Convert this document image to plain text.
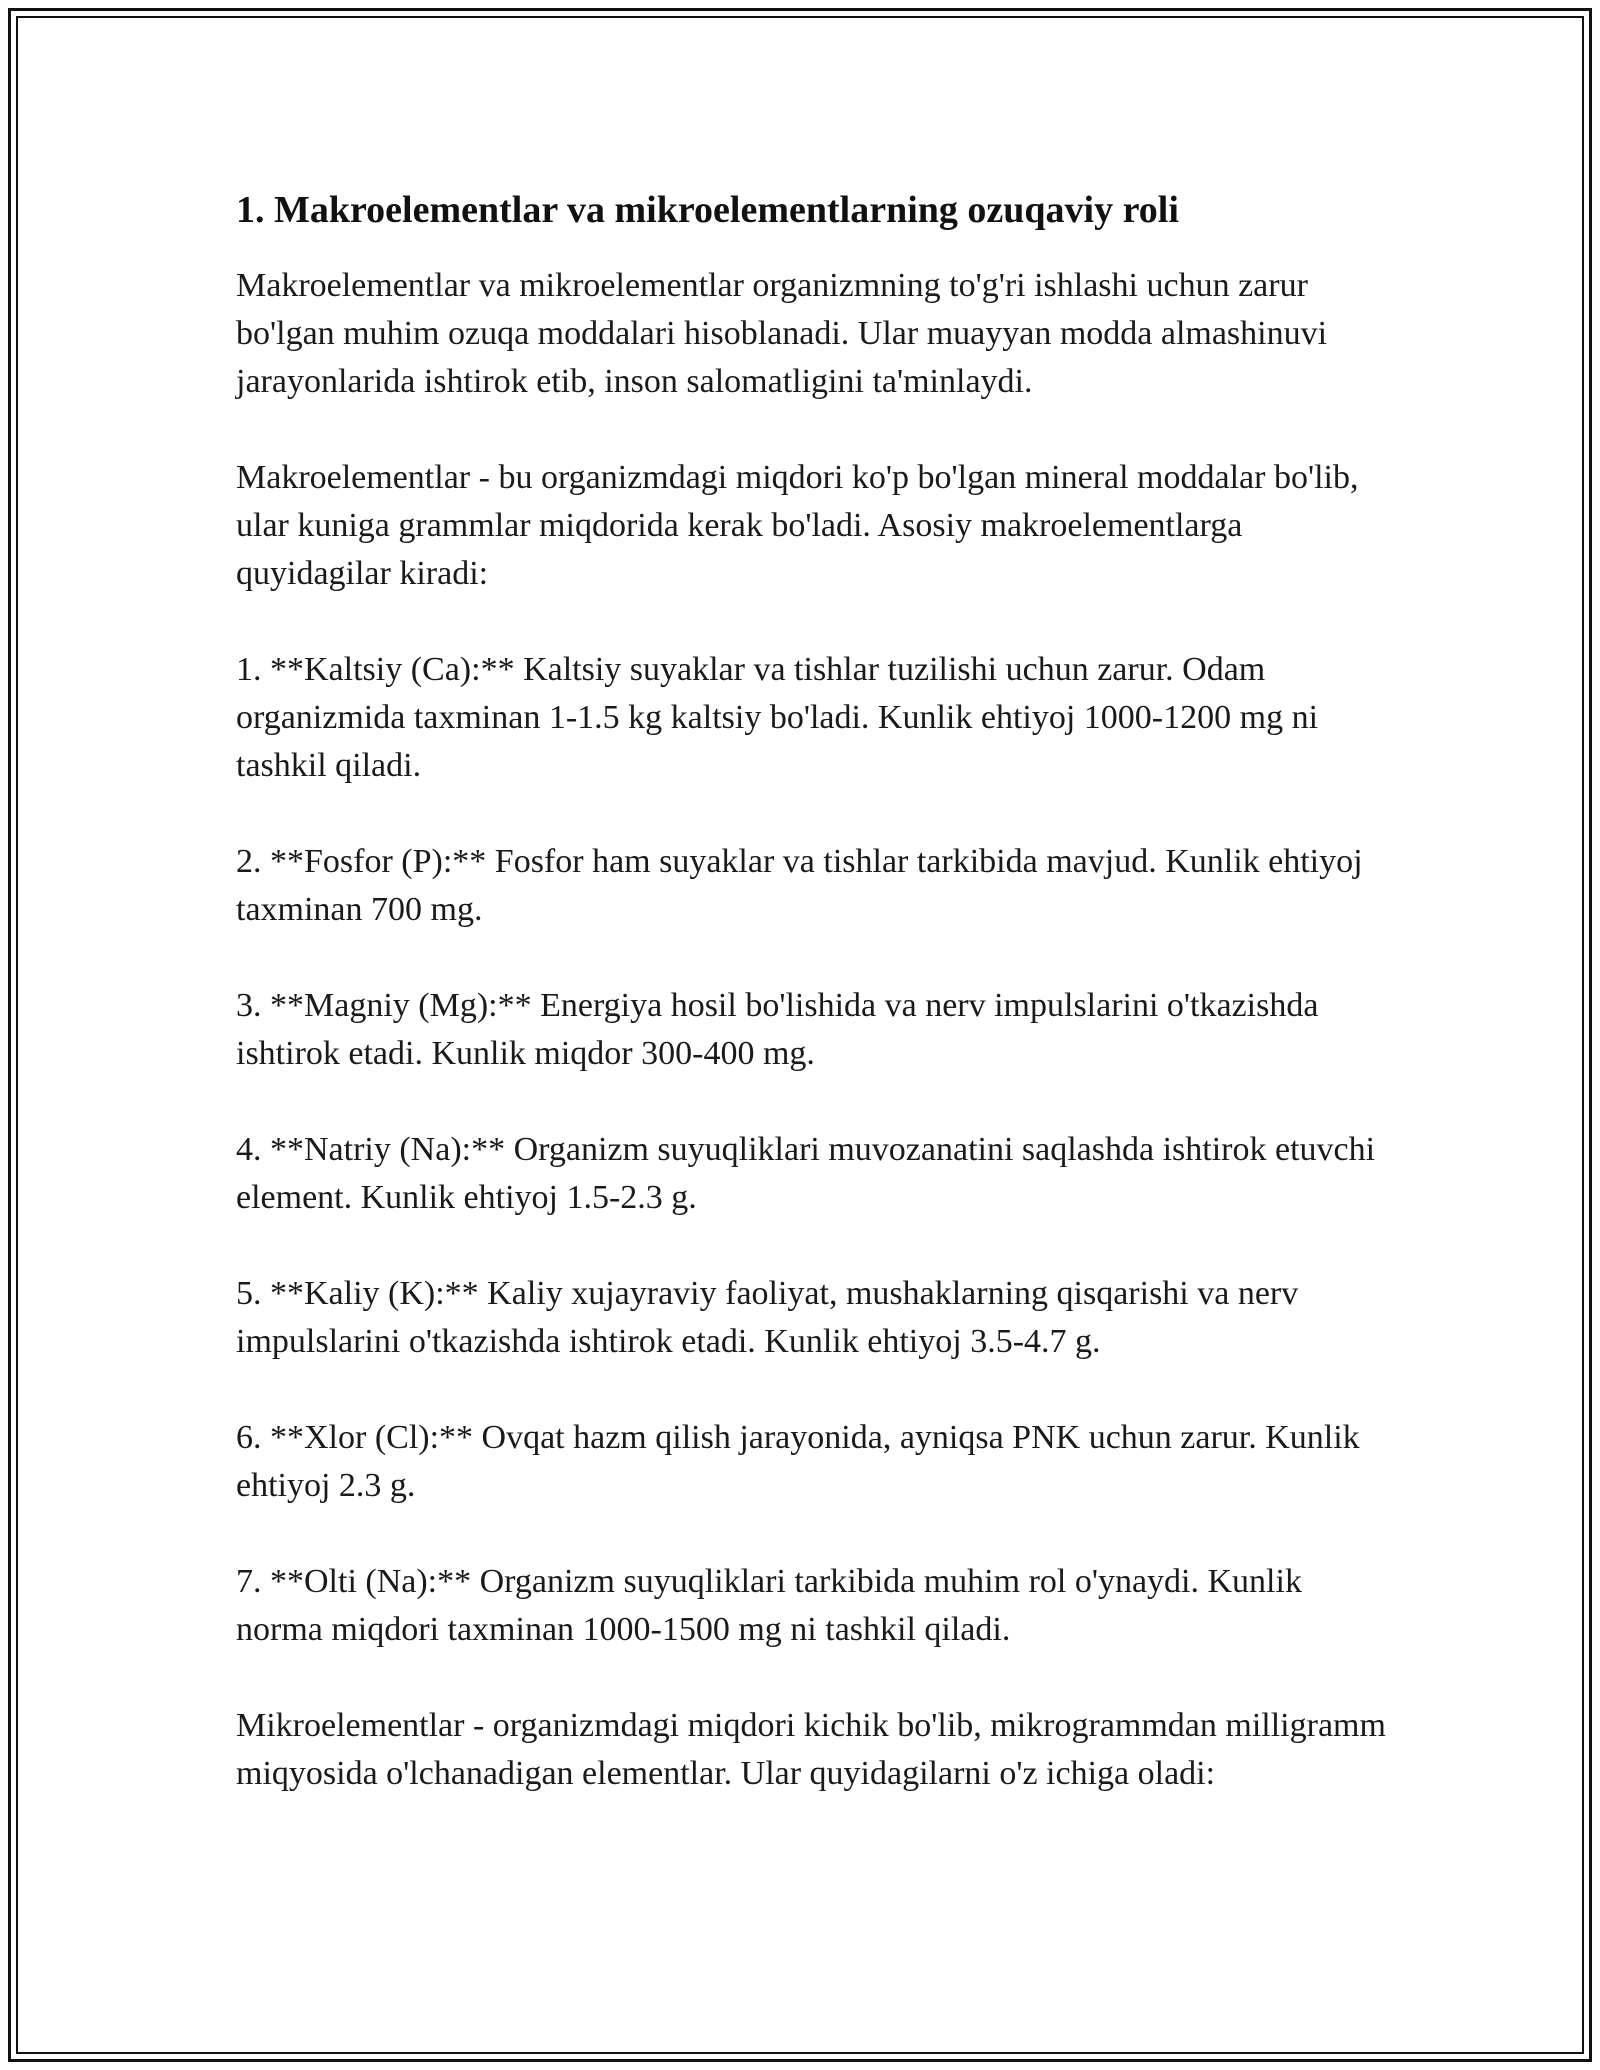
1. Makroelementlar va mikroelementlarning ozuqaviy roli

Makroelementlar va mikroelementlar organizmning to'g'ri ishlashi uchun zarur bo'lgan muhim ozuqa moddalari hisoblanadi. Ular muayyan modda almashinuvi jarayonlarida ishtirok etib, inson salomatligini ta'minlaydi.

Makroelementlar - bu organizmdagi miqdori ko'p bo'lgan mineral moddalar bo'lib, ular kuniga grammlar miqdorida kerak bo'ladi. Asosiy makroelementlarga quyidagilar kiradi:

1. **Kaltsiy (Ca):** Kaltsiy suyaklar va tishlar tuzilishi uchun zarur. Odam organizmida taxminan 1-1.5 kg kaltsiy bo'ladi. Kunlik ehtiyoj 1000-1200 mg ni tashkil qiladi.

2. **Fosfor (P):** Fosfor ham suyaklar va tishlar tarkibida mavjud. Kunlik ehtiyoj taxminan 700 mg.

3. **Magniy (Mg):** Energiya hosil bo'lishida va nerv impulslarini o'tkazishda ishtirok etadi. Kunlik miqdor 300-400 mg.

4. **Natriy (Na):** Organizm suyuqliklari muvozanatini saqlashda ishtirok etuvchi element. Kunlik ehtiyoj 1.5-2.3 g.

5. **Kaliy (K):** Kaliy xujayraviy faoliyat, mushaklarning qisqarishi va nerv impulslarini o'tkazishda ishtirok etadi. Kunlik ehtiyoj 3.5-4.7 g.

6. **Xlor (Cl):** Ovqat hazm qilish jarayonida, ayniqsa PNK uchun zarur. Kunlik ehtiyoj 2.3 g.

7. **Olti (Na):** Organizm suyuqliklari tarkibida muhim rol o'ynaydi. Kunlik norma miqdori taxminan 1000-1500 mg ni tashkil qiladi.

Mikroelementlar - organizmdagi miqdori kichik bo'lib, mikrogrammdan milligramm miqyosida o'lchanadigan elementlar. Ular quyidagilarni o'z ichiga oladi:
